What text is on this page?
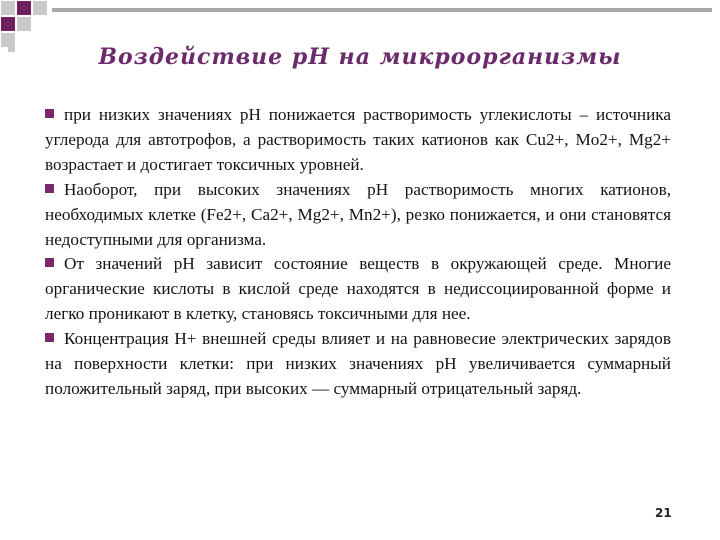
Воздействие рН на микроорганизмы

при низких значениях рН понижается растворимость углекислоты – источника углерода для автотрофов, а растворимость таких катионов как Cu2+, Mo2+, Mg2+ возрастает и достигает токсичных уровней.

Наоборот, при высоких значениях рН растворимость многих катионов, необходимых клетке (Fe2+, Ca2+, Mg2+, Mn2+), резко понижается, и они становятся недоступными для организма.

От значений рН зависит состояние веществ в окружающей среде. Многие органические кислоты в кислой среде находятся в недиссоциированной форме и легко проникают в клетку, становясь токсичными для нее.

Концентрация Н+ внешней среды влияет и на равновесие электрических зарядов на поверхности клетки: при низких значениях рН увеличивается суммарный положительный заряд, при высоких — суммарный отрицательный заряд.

21
